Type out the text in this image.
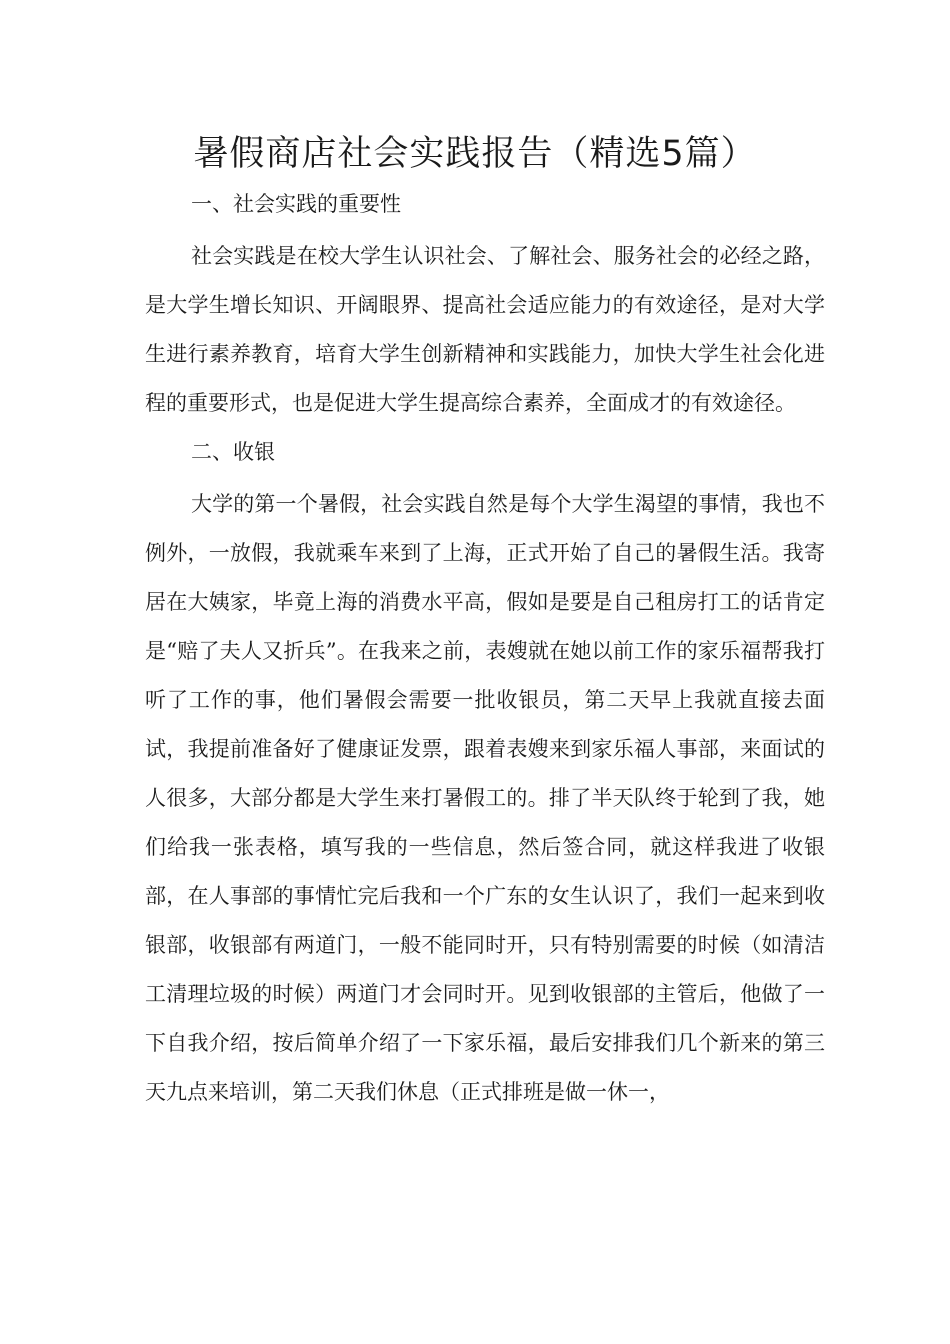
暑假商店社会实践报告（精选5篇）

一、社会实践的重要性

社会实践是在校大学生认识社会、了解社会、服务社会的必经之路，是大学生增长知识、开阔眼界、提高社会适应能力的有效途径，是对大学生进行素养教育，培育大学生创新精神和实践能力，加快大学生社会化进程的重要形式，也是促进大学生提高综合素养，全面成才的有效途径。

二、收银

大学的第一个暑假，社会实践自然是每个大学生渴望的事情，我也不例外，一放假，我就乘车来到了上海，正式开始了自己的暑假生活。我寄居在大姨家，毕竟上海的消费水平高，假如是要是自己租房打工的话肯定是“赔了夫人又折兵”。在我来之前，表嫂就在她以前工作的家乐福帮我打听了工作的事，他们暑假会需要一批收银员，第二天早上我就直接去面试，我提前准备好了健康证发票，跟着表嫂来到家乐福人事部，来面试的人很多，大部分都是大学生来打暑假工的。排了半天队终于轮到了我，她们给我一张表格，填写我的一些信息，然后签合同，就这样我进了收银部，在人事部的事情忙完后我和一个广东的女生认识了，我们一起来到收银部，收银部有两道门，一般不能同时开，只有特别需要的时候（如清洁工清理垃圾的时候）两道门才会同时开。见到收银部的主管后，他做了一下自我介绍，按后简单介绍了一下家乐福，最后安排我们几个新来的第三天九点来培训，第二天我们休息（正式排班是做一休一，
